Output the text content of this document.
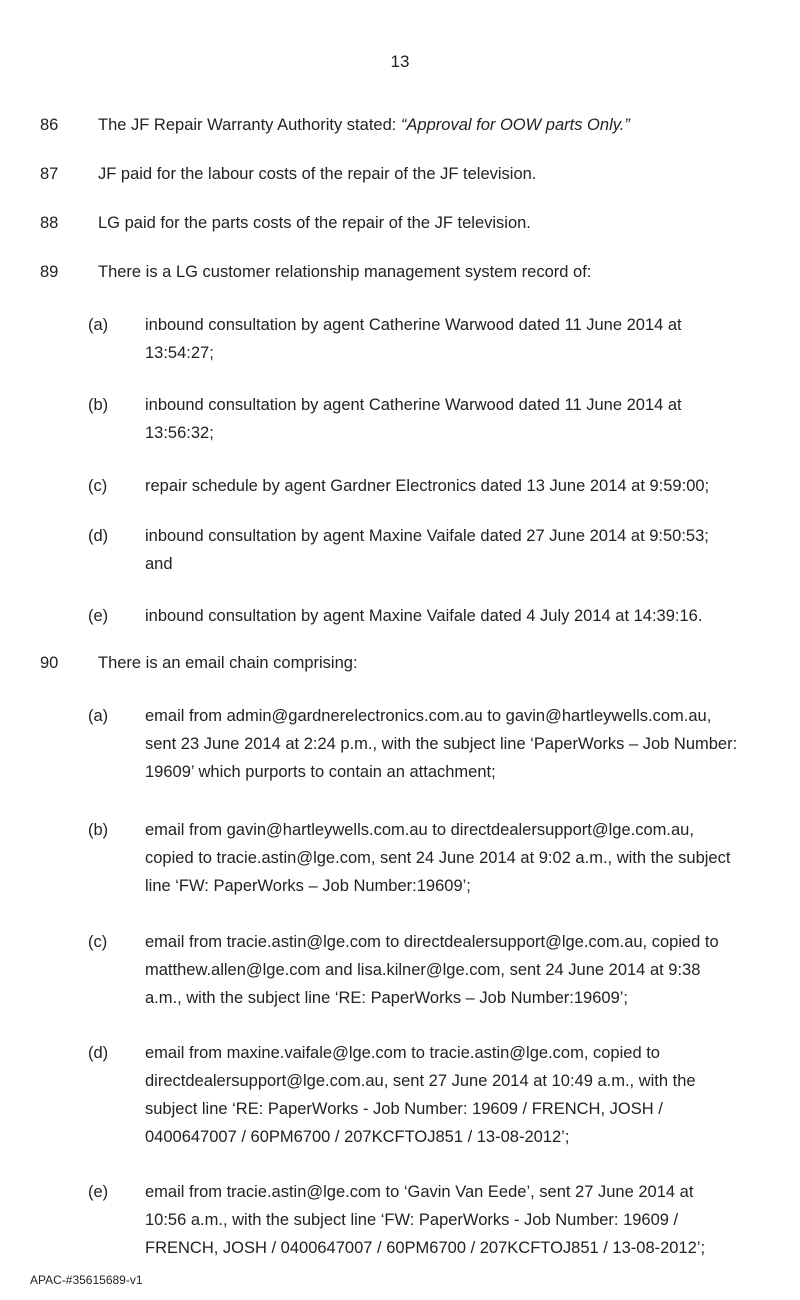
13
86 The JF Repair Warranty Authority stated: “Approval for OOW parts Only.”
87 JF paid for the labour costs of the repair of the JF television.
88 LG paid for the parts costs of the repair of the JF television.
89 There is a LG customer relationship management system record of:
(a) inbound consultation by agent Catherine Warwood dated 11 June 2014 at
13:54:27;
(b) inbound consultation by agent Catherine Warwood dated 11 June 2014 at
13:56:32;
(c) repair schedule by agent Gardner Electronics dated 13 June 2014 at 9:59:00;
(d) inbound consultation by agent Maxine Vaifale dated 27 June 2014 at 9:50:53;
and
(e) inbound consultation by agent Maxine Vaifale dated 4 July 2014 at 14:39:16.
90 There is an email chain comprising:
(a) email from admin@gardnerelectronics.com.au to gavin@hartleywells.com.au,
sent 23 June 2014 at 2:24 p.m., with the subject line ‘PaperWorks – Job Number:
19609’ which purports to contain an attachment;
(b) email from gavin@hartleywells.com.au to directdealersupport@lge.com.au,
copied to tracie.astin@lge.com, sent 24 June 2014 at 9:02 a.m., with the subject
line ‘FW: PaperWorks – Job Number:19609’;
(c) email from tracie.astin@lge.com to directdealersupport@lge.com.au, copied to
matthew.allen@lge.com and lisa.kilner@lge.com, sent 24 June 2014 at 9:38
a.m., with the subject line ‘RE: PaperWorks – Job Number:19609’;
(d) email from maxine.vaifale@lge.com to tracie.astin@lge.com, copied to
directdealersupport@lge.com.au, sent 27 June 2014 at 10:49 a.m., with the
subject line ‘RE: PaperWorks - Job Number: 19609 / FRENCH, JOSH /
0400647007 / 60PM6700 / 207KCFTOJ851 / 13-08-2012’;
(e) email from tracie.astin@lge.com to ‘Gavin Van Eede’, sent 27 June 2014 at
10:56 a.m., with the subject line ‘FW: PaperWorks - Job Number: 19609 /
FRENCH, JOSH / 0400647007 / 60PM6700 / 207KCFTOJ851 / 13-08-2012’;
APAC-#35615689-v1
